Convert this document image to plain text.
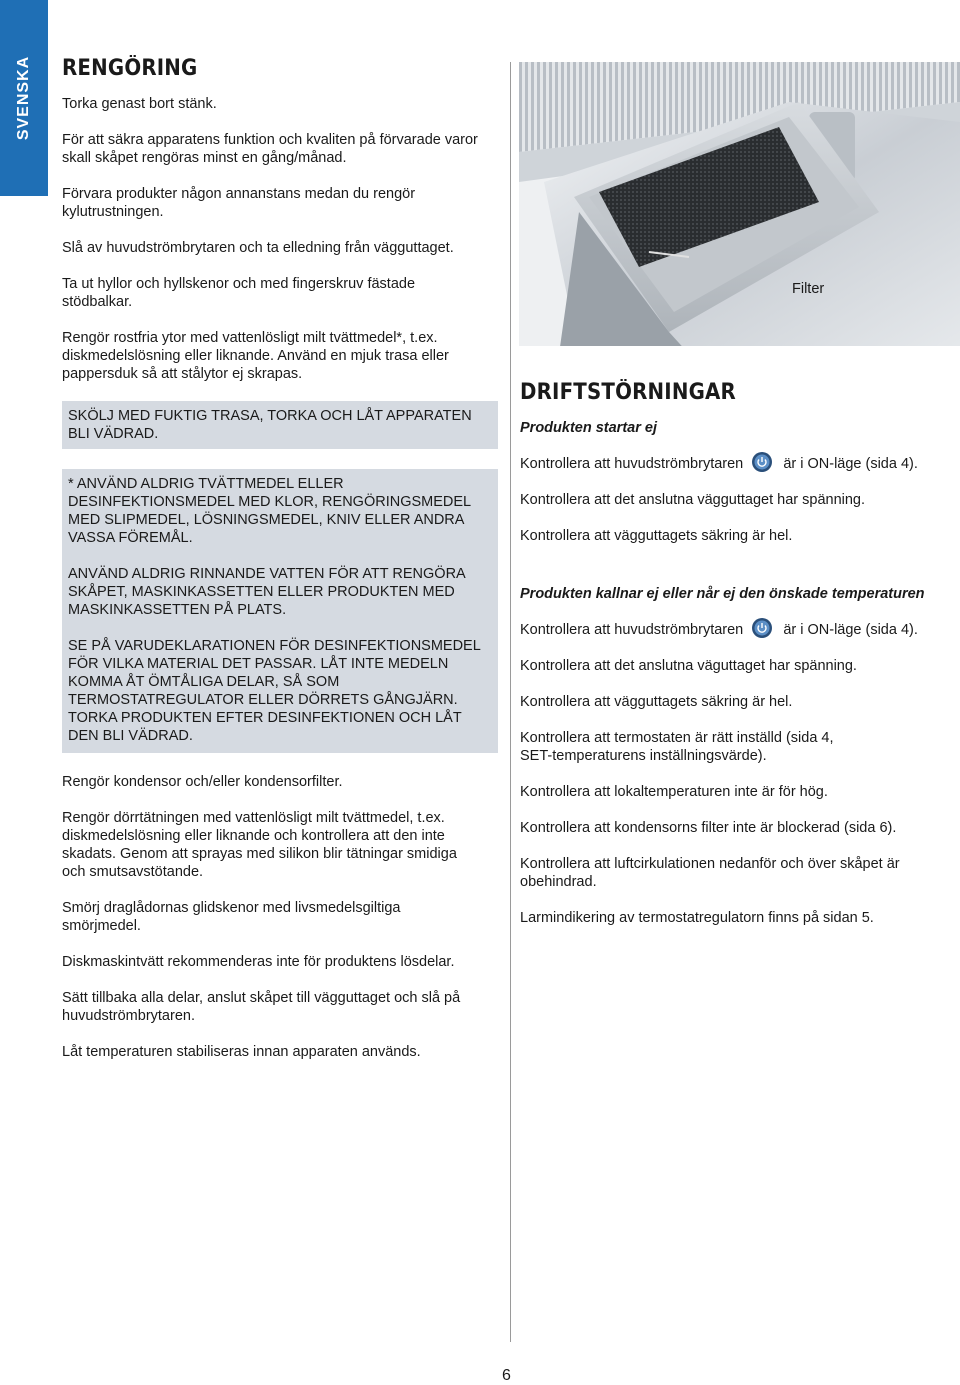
SVENSKA RENGÖRING

Torka genast bort stänk.

För att säkra apparatens funktion och kvaliten på förvarade varor skall skåpet rengöras minst en gång/månad.

Förvara produkter någon annanstans medan du rengör kylutrustningen.

Slå av huvudströmbrytaren och ta elledning från vägguttaget.

Ta ut hyllor och hyllskenor och med fingerskruv fästade stödbalkar.

Rengör rostfria ytor med vattenlösligt milt tvättmedel*, t.ex. diskmedelslösning eller liknande. Använd en mjuk trasa eller pappersduk så att stålytor ej skrapas.

SKÖLJ MED FUKTIG TRASA, TORKA OCH LÅT APPARATEN BLI VÄDRAD.

* ANVÄND ALDRIG TVÄTTMEDEL ELLER DESINFEKTIONSMEDEL MED KLOR, RENGÖRINGSMEDEL MED SLIPMEDEL, LÖSNINGSMEDEL, KNIV ELLER ANDRA VASSA FÖREMÅL.

ANVÄND ALDRIG RINNANDE VATTEN FÖR ATT RENGÖRA SKÅPET, MASKINKASSETTEN ELLER PRODUKTEN MED MASKINKASSETTEN PÅ PLATS.

SE PÅ VARUDEKLARATIONEN FÖR DESINFEKTIONSMEDEL FÖR VILKA MATERIAL DET PASSAR. LÅT INTE MEDELN KOMMA ÅT ÖMTÅLIGA DELAR, SÅ SOM TERMOSTATREGULATOR ELLER DÖRRETS GÅNGJÄRN. TORKA PRODUKTEN EFTER DESINFEKTIONEN OCH LÅT DEN BLI VÄDRAD.

Rengör kondensor och/eller kondensorfilter.

Rengör dörrtätningen med vattenlösligt milt tvättmedel, t.ex. diskmedelslösning eller liknande och kontrollera att den inte skadats. Genom att sprayas med silikon blir tätningar smidiga och smutsavstötande.

Smörj draglådornas glidskenor med livsmedelsgiltiga smörjmedel.

Diskmaskintvätt rekommenderas inte för produktens lösdelar.

Sätt tillbaka alla delar, anslut skåpet till vägguttaget och slå på huvudströmbrytaren.

Låt temperaturen stabiliseras innan apparaten används.

Filter
DRIFTSTÖRNINGAR

Produkten startar ej

Kontrollera att huvudströmbrytaren	är i ON-läge (sida 4).

Kontrollera att det anslutna vägguttaget har spänning.

Kontrollera att vägguttagets säkring är hel.

Produkten kallnar ej eller når ej den önskade temperaturen

Kontrollera att huvudströmbrytaren	är i ON-läge (sida 4).

Kontrollera att det anslutna väguttaget har spänning.

Kontrollera att vägguttagets säkring är hel.

Kontrollera att termostaten är rätt inställd (sida 4, SET-temperaturens inställningsvärde).

Kontrollera att lokaltemperaturen inte är för hög.

Kontrollera att kondensorns filter inte är blockerad (sida 6).

Kontrollera att luftcirkulationen nedanför och över skåpet är obehindrad.

Larmindikering av termostatregulatorn finns på sidan 5.

6
